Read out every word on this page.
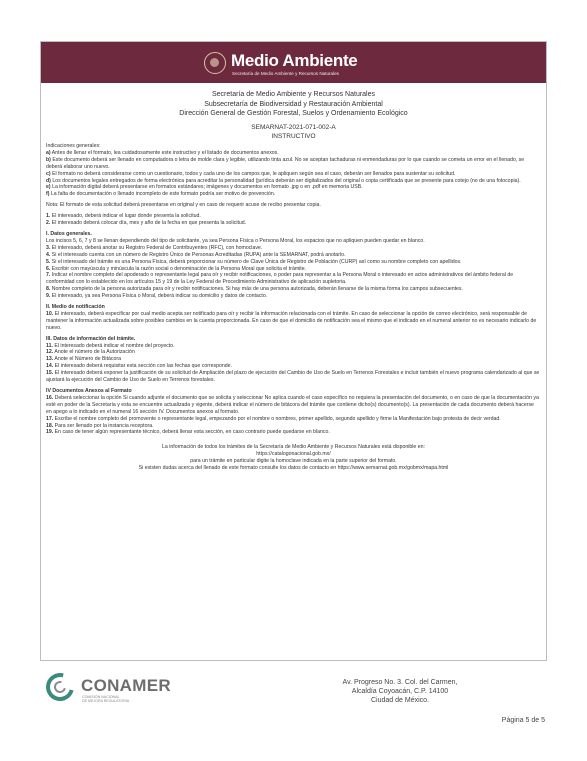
Medio Ambiente
Secretaría de Medio Ambiente y Recursos Naturales
Secretaría de Medio Ambiente y Recursos Naturales
Subsecretaría de Biodiversidad y Restauración Ambiental
Dirección General de Gestión Forestal, Suelos y Ordenamiento Ecológico
SEMARNAT-2021-071-002-A
INSTRUCTIVO

Indicaciones generales:

a) Antes de llenar el formato, lea cuidadosamente este instructivo y el listado de documentos anexos.

b) Este documento deberá ser llenado en computadora o letra de molde clara y legible, utilizando tinta azul. No se aceptan tachaduras ni enmendaduras por lo que cuando se cometa un error en el llenado, se deberá elaborar uno nuevo.

c) El formato no deberá considerarse como un cuestionario, todos y cada uno de los campos que, le apliquen según sea el caso, deberán ser llenados para sustentar su solicitud.

d) Los documentos legales entregados de forma electrónica para acreditar la personalidad (jurídica deberán ser digitalizados del original o copia certificada que se presente para cotejo (no de una fotocopia).

e) La información digital deberá presentarse en formatos estándares; imágenes y documentos en formato .jpg o en .pdf en memoria USB.

f) La falta de documentación o llenado incompleto de este formato podría ser motivo de prevención.

Nota: El formato de esta solicitud deberá presentarse en original y en caso de requerir acuse de recibo presentar copia.

1. El interesado, deberá indicar el lugar donde presenta la solicitud.

2. El interesado deberá colocar día, mes y año de la fecha en que presenta la solicitud.

I. Datos generales.

Los incisos 5, 6, 7 y 8 se llenan dependiendo del tipo de solicitante, ya sea Persona Física o Persona Moral, los espacios que no apliquen pueden quedar en blanco.

3. El interesado, deberá anotar su Registro Federal de Contribuyentes (RFC), con homoclave.

4. Si el interesado cuenta con un número de Registro Único de Personas Acreditadas (RUPA) ante la SEMARNAT, podrá anotarlo.

5. Si el interesado del trámite es una Persona Física, deberá proporcionar su número de Clave Única de Registro de Población (CURP) así como su nombre completo con apellidos.

6. Escribir con mayúscula y minúscula la razón social o denominación de la Persona Moral que solicita el trámite.

7. Indicar el nombre completo del apoderado o representante legal para oír y recibir notificaciones, o poder para representar a la Persona Moral o interesado en actos administrativos del ámbito federal de conformidad con lo establecido en los artículos 15 y 19 de la Ley Federal de Procedimiento Administrativo de aplicación supletoria.

8. Nombre completo de la persona autorizada para oír y recibir notificaciones. Si hay más de una persona autorizada, deberán llenarse de la misma forma los campos subsecuentes.

9. El interesado, ya sea Persona Física o Moral, deberá indicar su domicilio y datos de contacto.

II. Medio de notificación

10. El interesado, deberá especificar por cual medio acepta ser notificado para oír y recibir la información relacionada con el trámite. En caso de seleccionar la opción de correo electrónico, será responsable de mantener la información actualizada sobre posibles cambios en la cuenta proporcionada. En caso de que el domicilio de notificación sea el mismo que el indicado en el numeral anterior no es necesario indicarlo de nuevo.

III. Datos de información del trámite.

11. El interesado deberá indicar el nombre del proyecto.

12. Anote el número de la Autorización

13. Anote el Número de Bitácora

14. El interesado deberá requisitar esta sección con las fechas que corresponde.

15. El interesado deberá exponer la justificación de su solicitud de Ampliación del plazo de ejecución del Cambio de Uso de Suelo en Terrenos Forestales e incluir también el nuevo programa calendarizado al que se ajustará la ejecución del Cambio de Uso de Suelo en Terrenos forestales.

IV Documentos Anexos al Formato

16. Deberá seleccionar la opción Si cuando adjunte el documento que se solicita y seleccionar No aplica cuando el caso específico no requiera la presentación del documento, o en caso de que la documentación ya esté en poder de la Secretaría y esta se encuentre actualizada y vigente, deberá indicar el número de bitácora del trámite que contiene dicho(s) documento(s). La presentación de cada documento deberá hacerse en apego a lo indicado en el numeral 16 sección IV. Documentos anexos al formato.

17. Escribe el nombre completo del promovente o representante legal, empezando por el nombre o nombres, primer apellido, segundo apellido y firme la Manifestación bajo protesta de decir verdad.

18. Para ser llenado por la instancia receptora.

19. En caso de tener algún representante técnico, deberá llenar esta sección, en caso contrario puede quedarse en blanco.

La información de todos los trámites de la Secretaría de Medio Ambiente y Recursos Naturales está disponible en:

https://catalogonacional.gob.mx/

para un trámite en particular digite la homoclave indicada en la parte superior del formato.

Si existen dudas acerca del llenado de este formato consulte los datos de contacto en https://www.semarnat.gob.mx/gobmx/mapa.html

CONAMER
COMISIÓN NACIONAL
DE MEJORA REGULATORIA
Av. Progreso No. 3. Col. del Carmen,
Alcaldía Coyoacán, C.P. 14100
Ciudad de México.
Página 5 de 5
